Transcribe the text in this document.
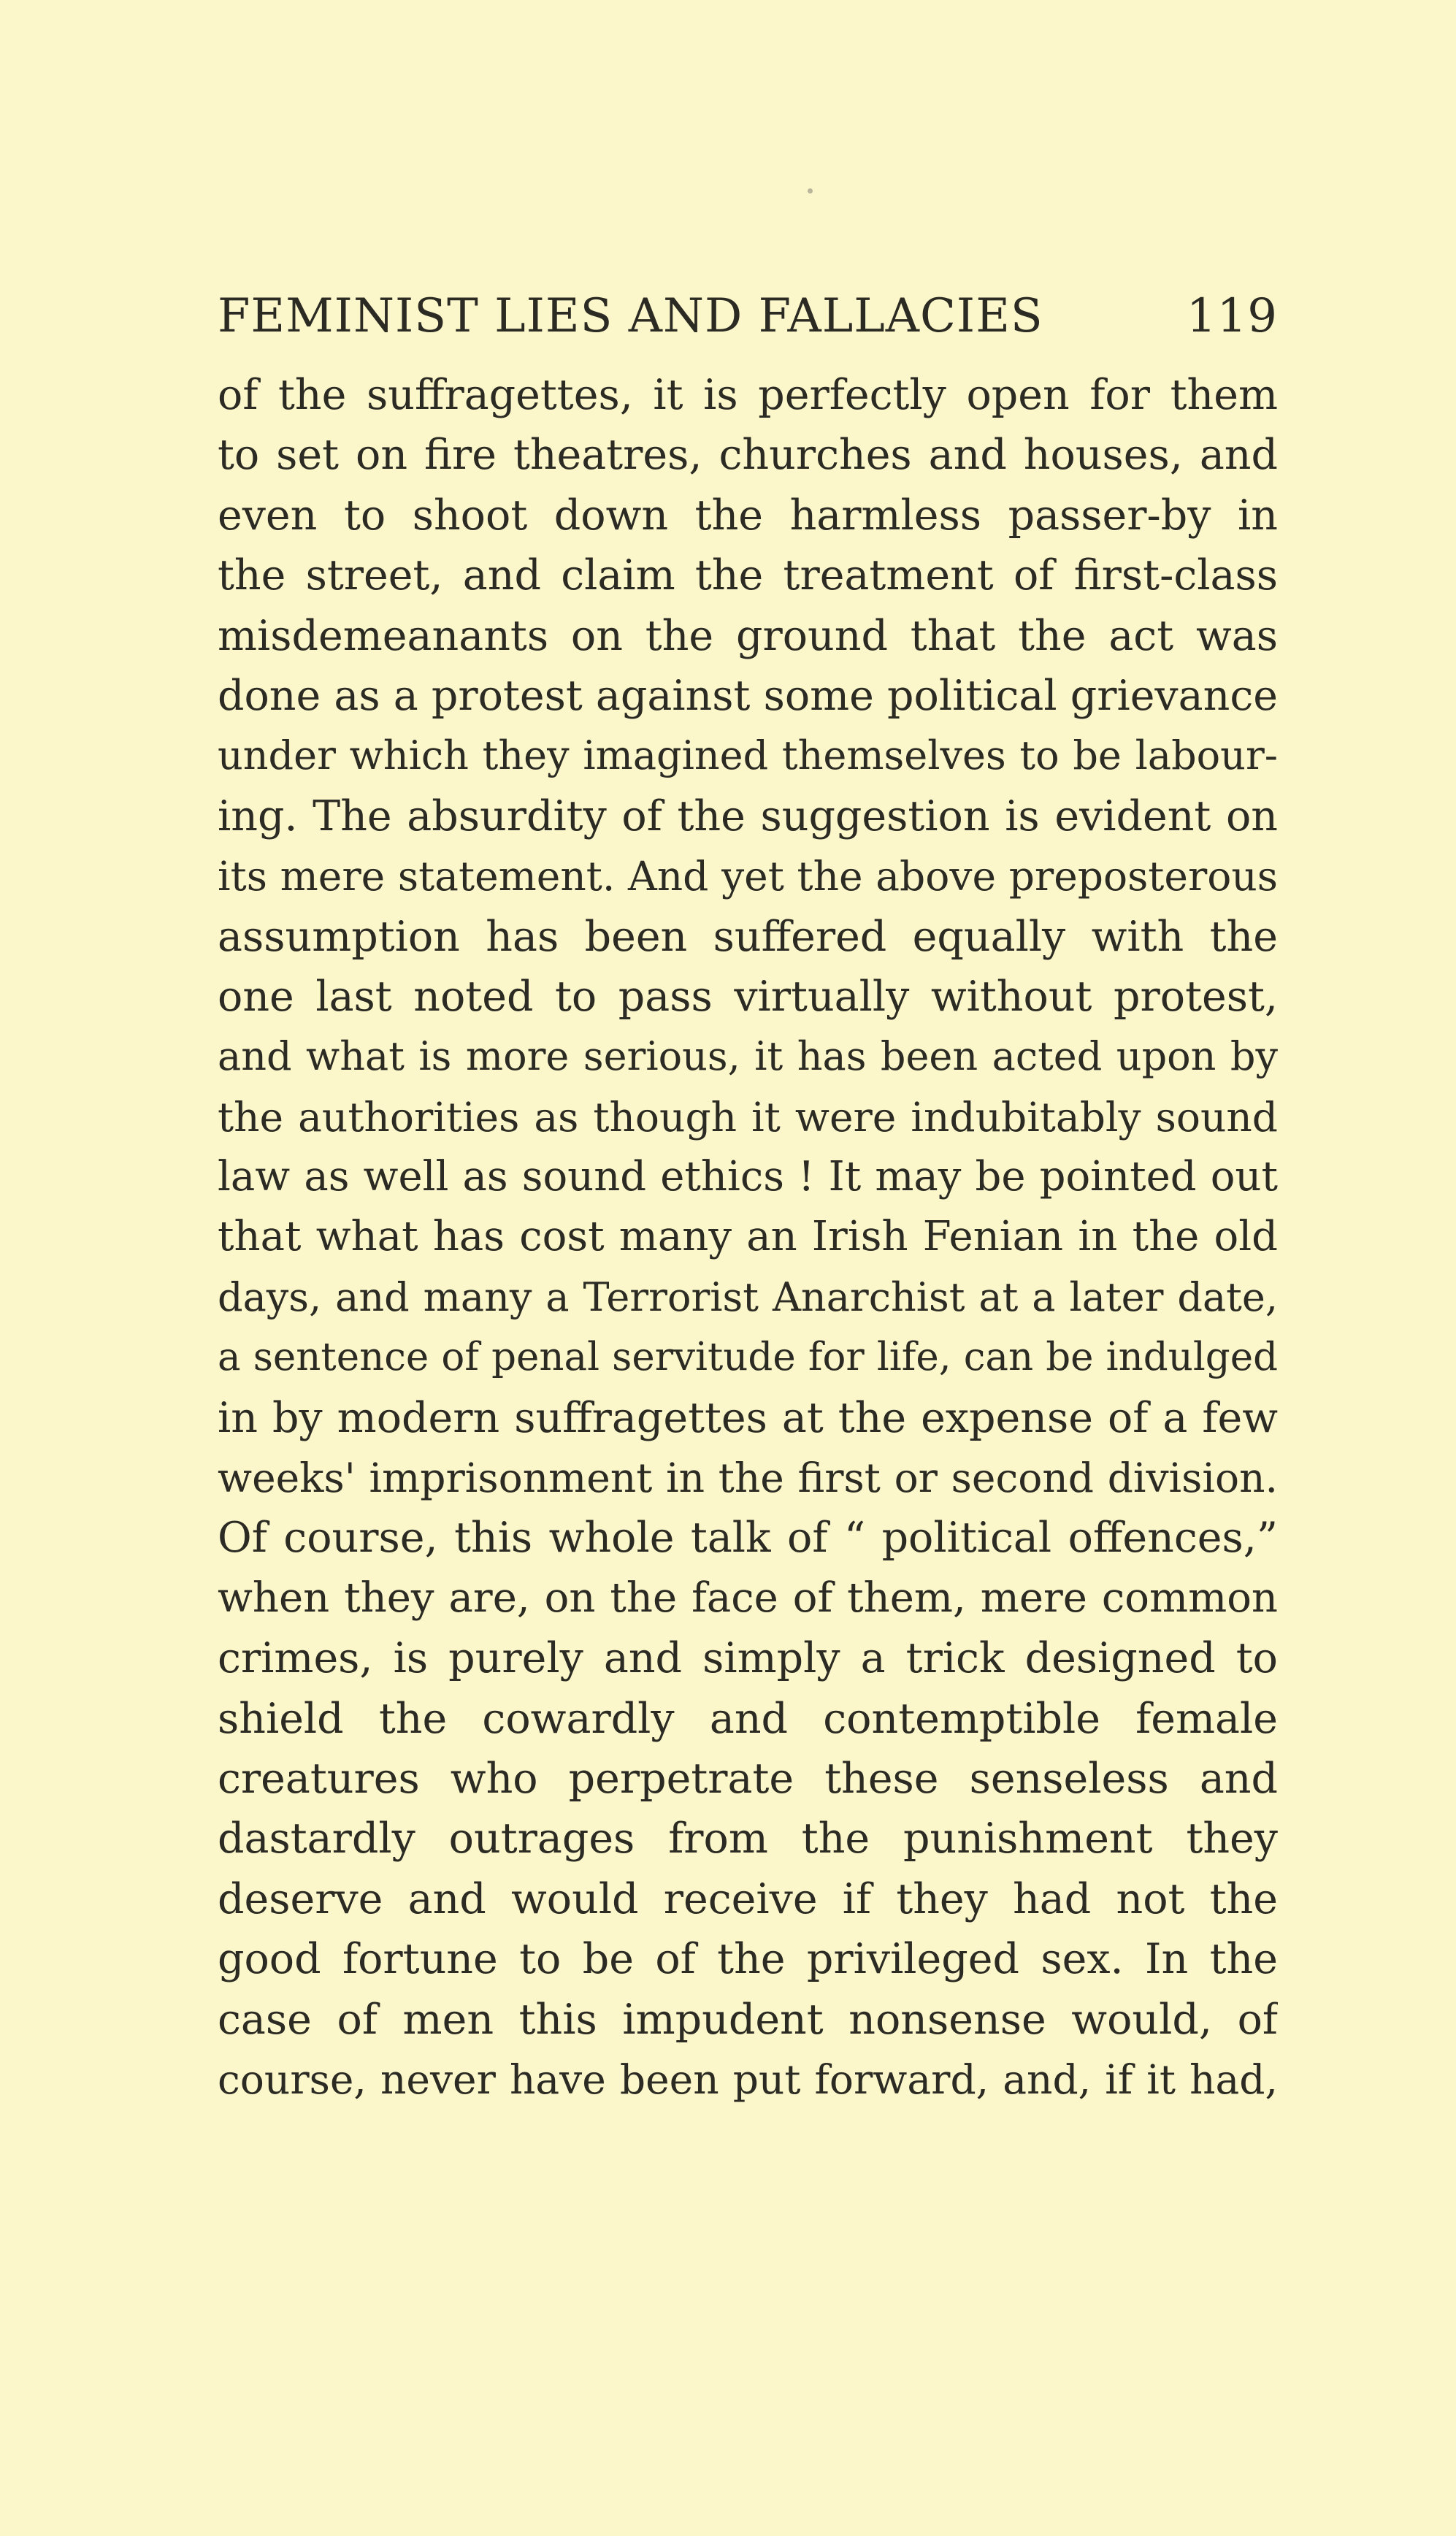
FEMINIST LIES AND FALLACIES	119
of the suffragettes, it is perfectly open for them
to set on fire theatres, churches and houses, and
even to shoot down the harmless passer-by in
the street, and claim the treatment of first-class
misdemeanants on the ground that the act was
done as a protest against some political grievance
under which they imagined themselves to be labour-
ing. The absurdity of the suggestion is evident on
its mere statement. And yet the above preposterous
assumption has been suffered equally with the
one last noted to pass virtually without protest,
and what is more serious, it has been acted upon by
the authorities as though it were indubitably sound
law as well as sound ethics ! It may be pointed out
that what has cost many an Irish Fenian in the old
days, and many a Terrorist Anarchist at a later date,
a sentence of penal servitude for life, can be indulged
in by modern suffragettes at the expense of a few
weeks' imprisonment in the first or second division.
Of course, this whole talk of “ political offences,”
when they are, on the face of them, mere common
crimes, is purely and simply a trick designed to
shield the cowardly and contemptible female
creatures who perpetrate these senseless and
dastardly outrages from the punishment they
deserve and would receive if they had not the
good fortune to be of the privileged sex. In the
case of men this impudent nonsense would, of
course, never have been put forward, and, if it had,
